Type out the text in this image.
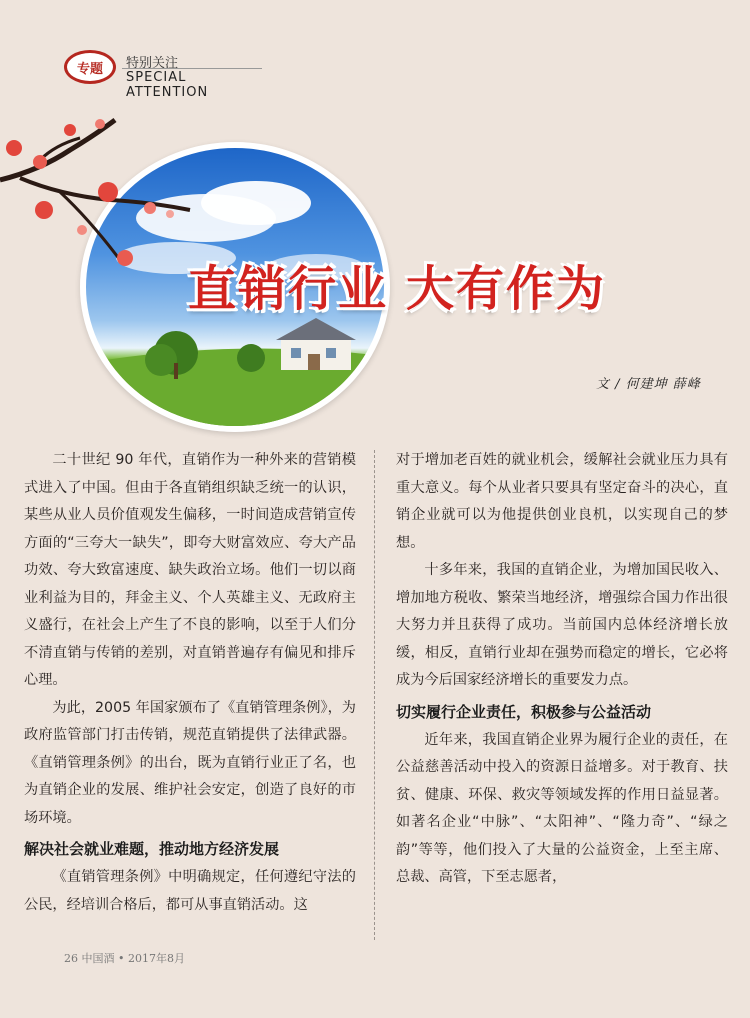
专题	特别关注
SPECIAL ATTENTION
直销行业 大有作为
文 / 何建坤 薛峰

二十世纪 90 年代，直销作为一种外来的营销模式进入了中国。但由于各直销组织缺乏统一的认识，某些从业人员价值观发生偏移，一时间造成营销宣传方面的“三夸大一缺失”，即夸大财富效应、夸大产品功效、夸大致富速度、缺失政治立场。他们一切以商业利益为目的，拜金主义、个人英雄主义、无政府主义盛行，在社会上产生了不良的影响，以至于人们分不清直销与传销的差别，对直销普遍存有偏见和排斥心理。

为此，2005 年国家颁布了《直销管理条例》，为政府监管部门打击传销，规范直销提供了法律武器。《直销管理条例》的出台，既为直销行业正了名，也为直销企业的发展、维护社会安定，创造了良好的市场环境。

解决社会就业难题，推动地方经济发展

《直销管理条例》中明确规定，任何遵纪守法的公民，经培训合格后，都可从事直销活动。这

对于增加老百姓的就业机会，缓解社会就业压力具有重大意义。每个从业者只要具有坚定奋斗的决心，直销企业就可以为他提供创业良机，以实现自己的梦想。

十多年来，我国的直销企业，为增加国民收入、增加地方税收、繁荣当地经济，增强综合国力作出很大努力并且获得了成功。当前国内总体经济增长放缓，相反，直销行业却在强势而稳定的增长，它必将成为今后国家经济增长的重要发力点。

切实履行企业责任，积极参与公益活动

近年来，我国直销企业界为履行企业的责任，在公益慈善活动中投入的资源日益增多。对于教育、扶贫、健康、环保、救灾等领域发挥的作用日益显著。如著名企业“中脉”、“太阳神”、“隆力奇”、“绿之韵”等等，他们投入了大量的公益资金，上至主席、总裁、高管，下至志愿者，

26 中国酒 • 2017年8月
